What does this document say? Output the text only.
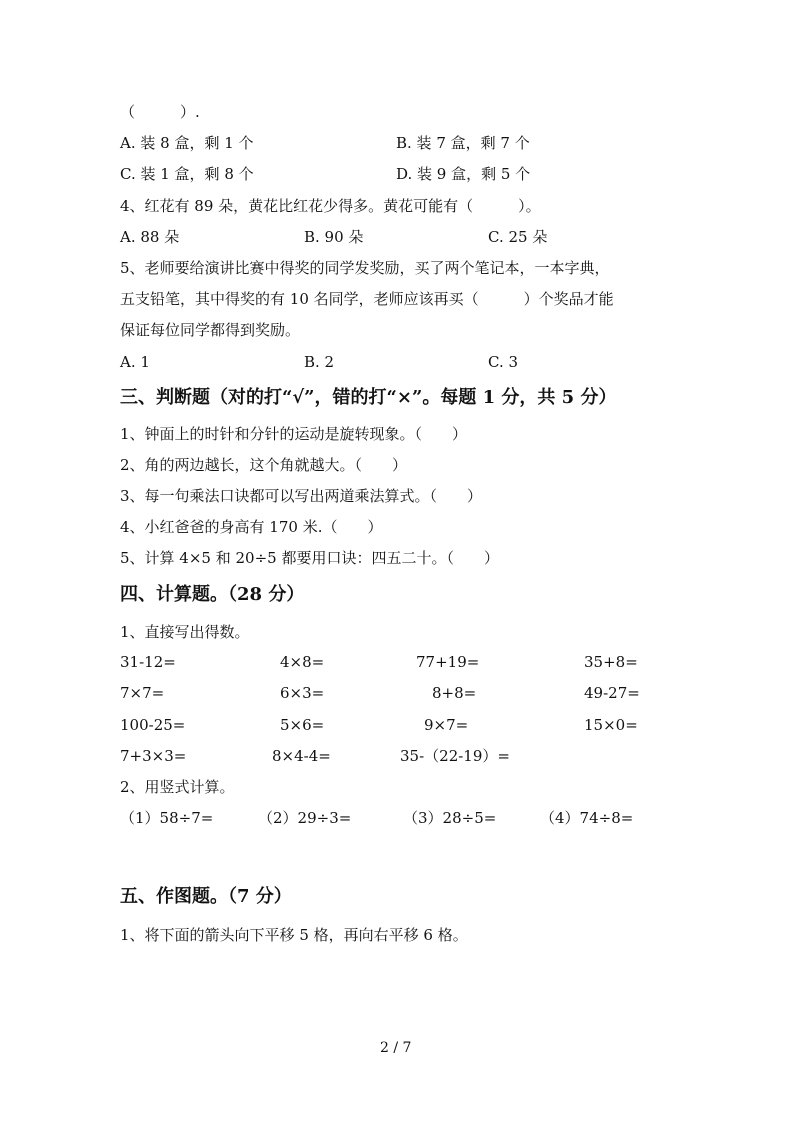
（　　　）.
A. 装 8 盒，剩 1 个	B. 装 7 盒，剩 7 个
C. 装 1 盒，剩 8 个	D. 装 9 盒，剩 5 个
4、红花有 89 朵，黄花比红花少得多。黄花可能有（　　　）。
A. 88 朵	B. 90 朵	C. 25 朵
5、老师要给演讲比赛中得奖的同学发奖励，买了两个笔记本，一本字典，
五支铅笔，其中得奖的有 10 名同学，老师应该再买（　　　）个奖品才能
保证每位同学都得到奖励。
A. 1	B. 2	C. 3
三、判断题（对的打“√”，错的打“×”。每题 1 分，共 5 分）
1、钟面上的时针和分针的运动是旋转现象。（　　）
2、角的两边越长，这个角就越大。（　　）
3、每一句乘法口诀都可以写出两道乘法算式。（　　）
4、小红爸爸的身高有 170 米.（　　）
5、计算 4×5 和 20÷5 都要用口诀：四五二十。（　　）
四、计算题。（28 分）
1、直接写出得数。
31-12=	4×8=	77+19=	35+8=
7×7=	6×3=	8+8=	49-27=
100-25=	5×6=	9×7=	15×0=
7+3×3=	8×4-4=	35-（22-19）=
2、用竖式计算。
（1）58÷7=	（2）29÷3=	（3）28÷5=	（4）74÷8=
五、作图题。（7 分）
1、将下面的箭头向下平移 5 格，再向右平移 6 格。
2 / 7
